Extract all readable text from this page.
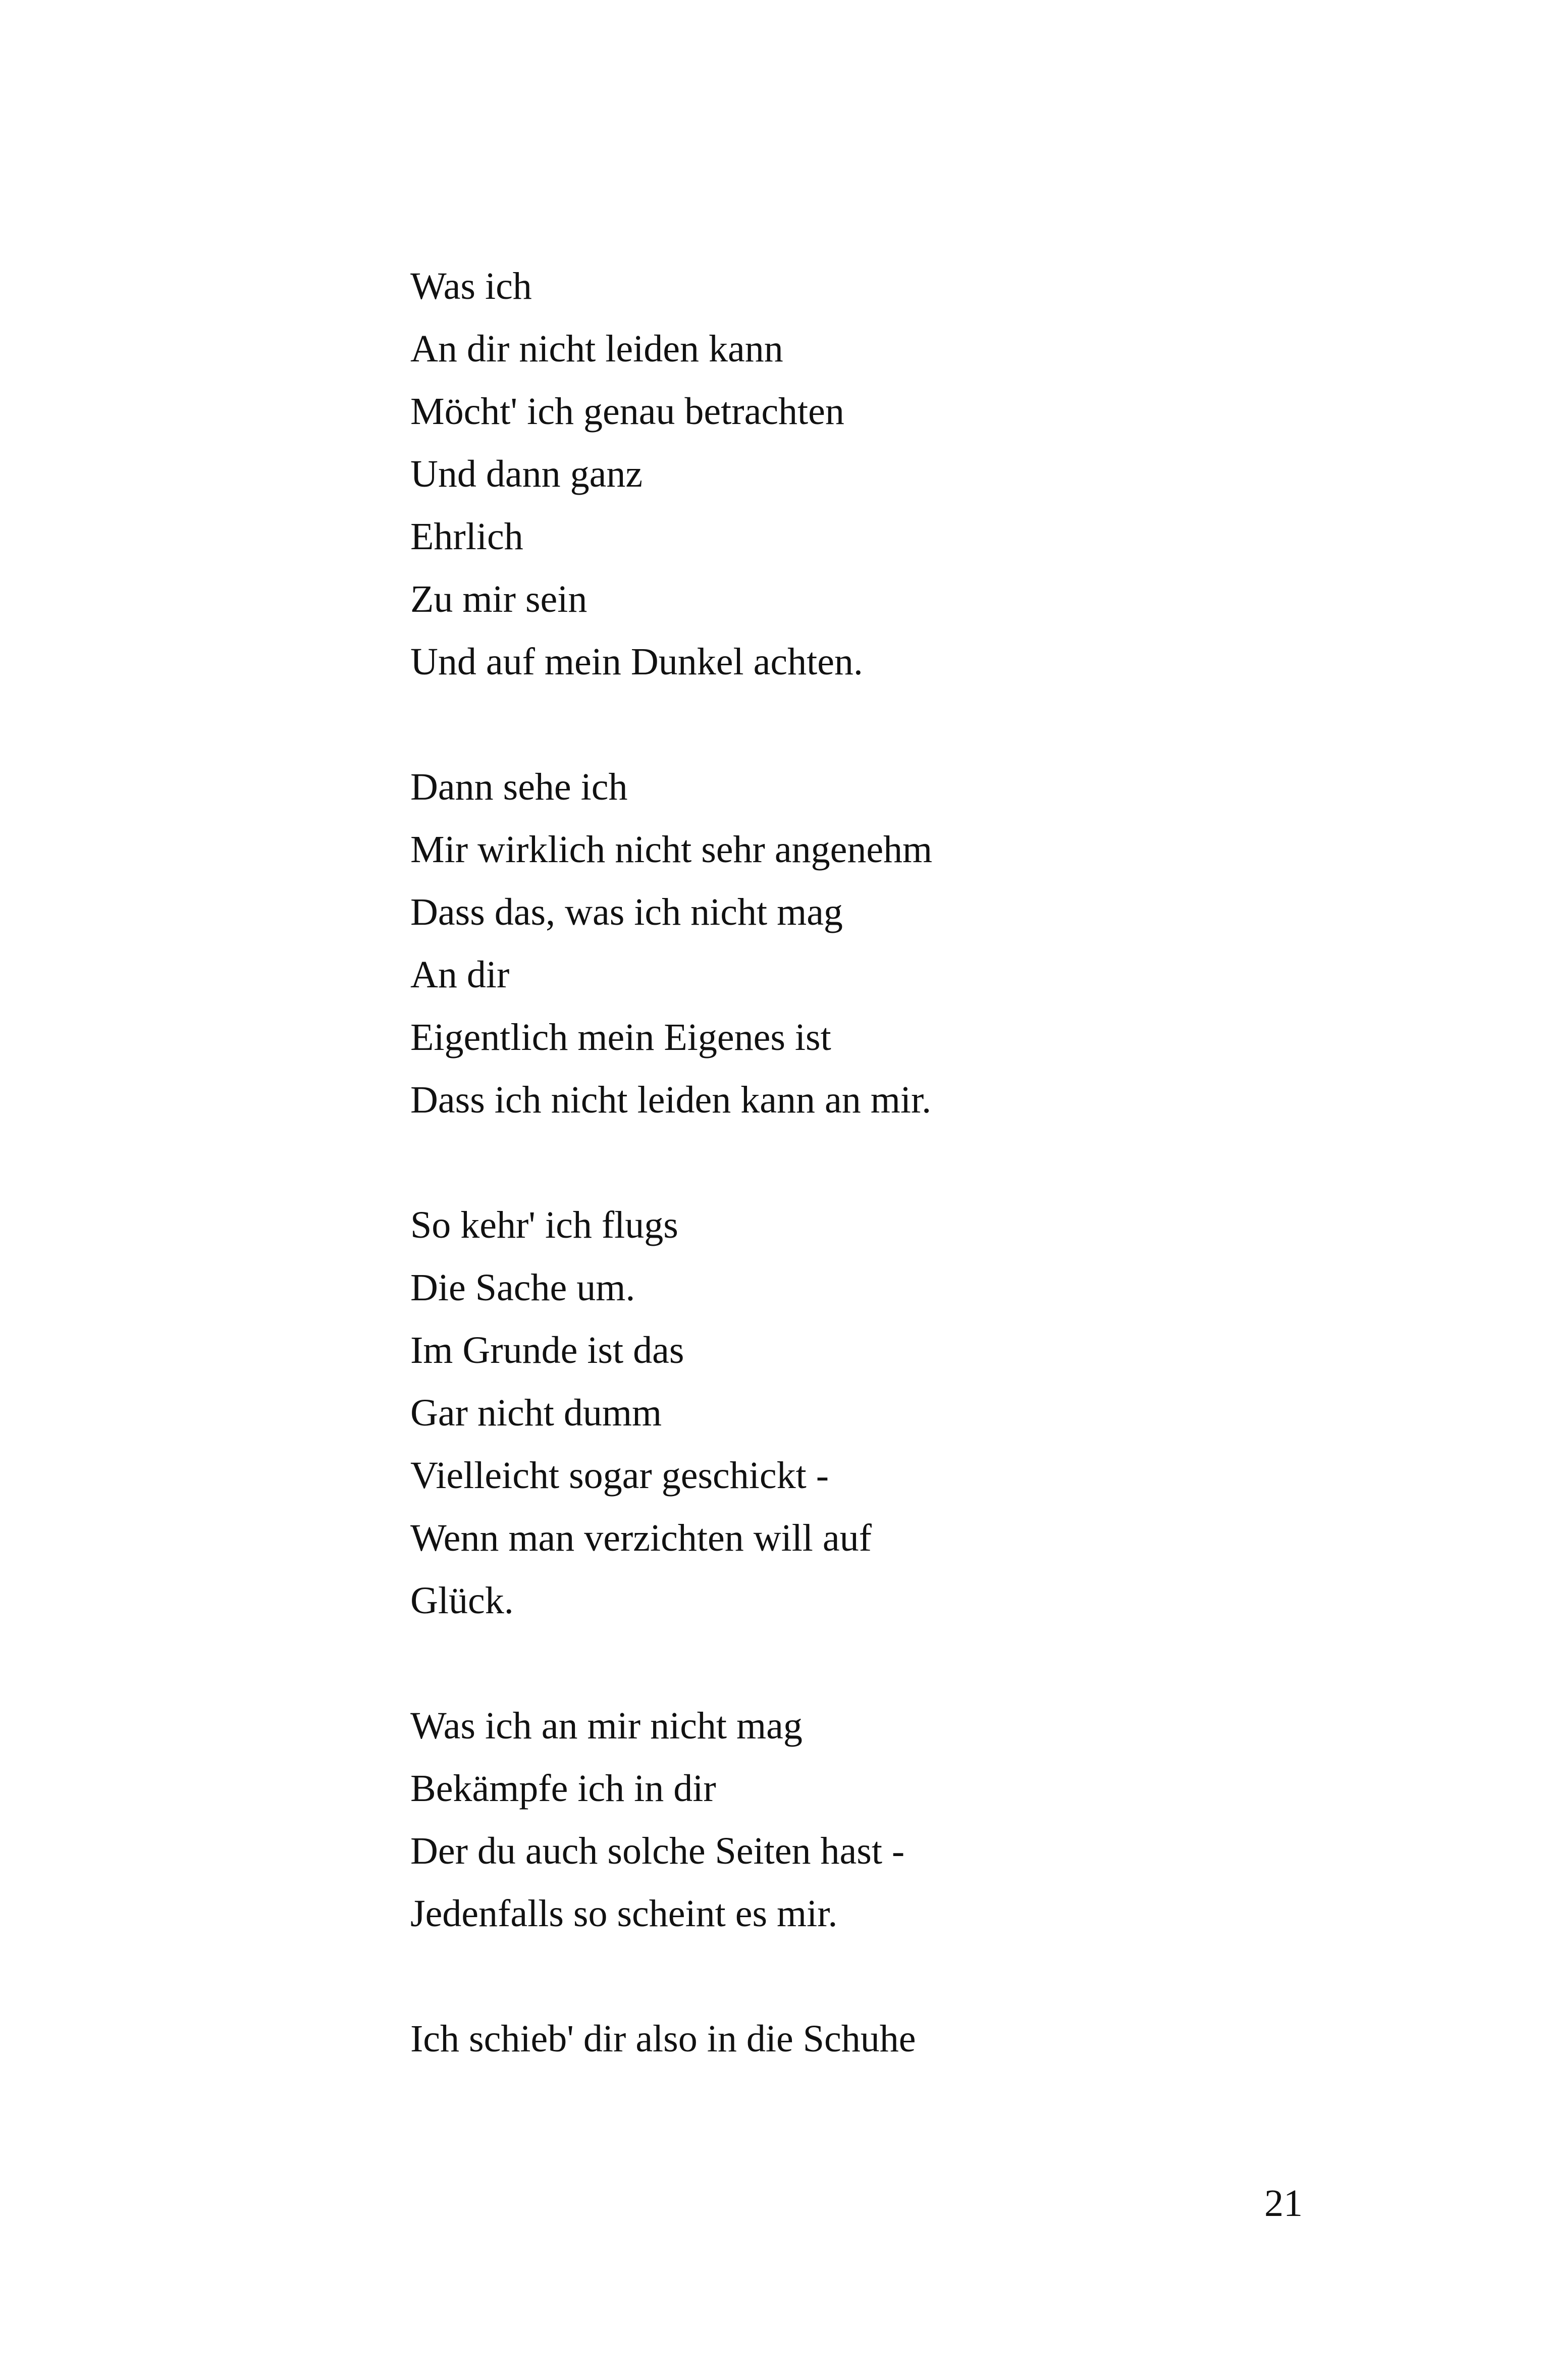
Was ich
An dir nicht leiden kann
Möcht' ich genau betrachten
Und dann ganz
Ehrlich
Zu mir sein
Und auf mein Dunkel achten.
Dann sehe ich
Mir wirklich nicht sehr angenehm
Dass das, was ich nicht mag
An dir
Eigentlich mein Eigenes ist
Dass ich nicht leiden kann an mir.
So kehr' ich flugs
Die Sache um.
Im Grunde ist das
Gar nicht dumm
Vielleicht sogar geschickt -
Wenn man verzichten will auf
Glück.
Was ich an mir nicht mag
Bekämpfe ich in dir
Der du auch solche Seiten hast -
Jedenfalls so scheint es mir.
Ich schieb' dir also in die Schuhe
21
